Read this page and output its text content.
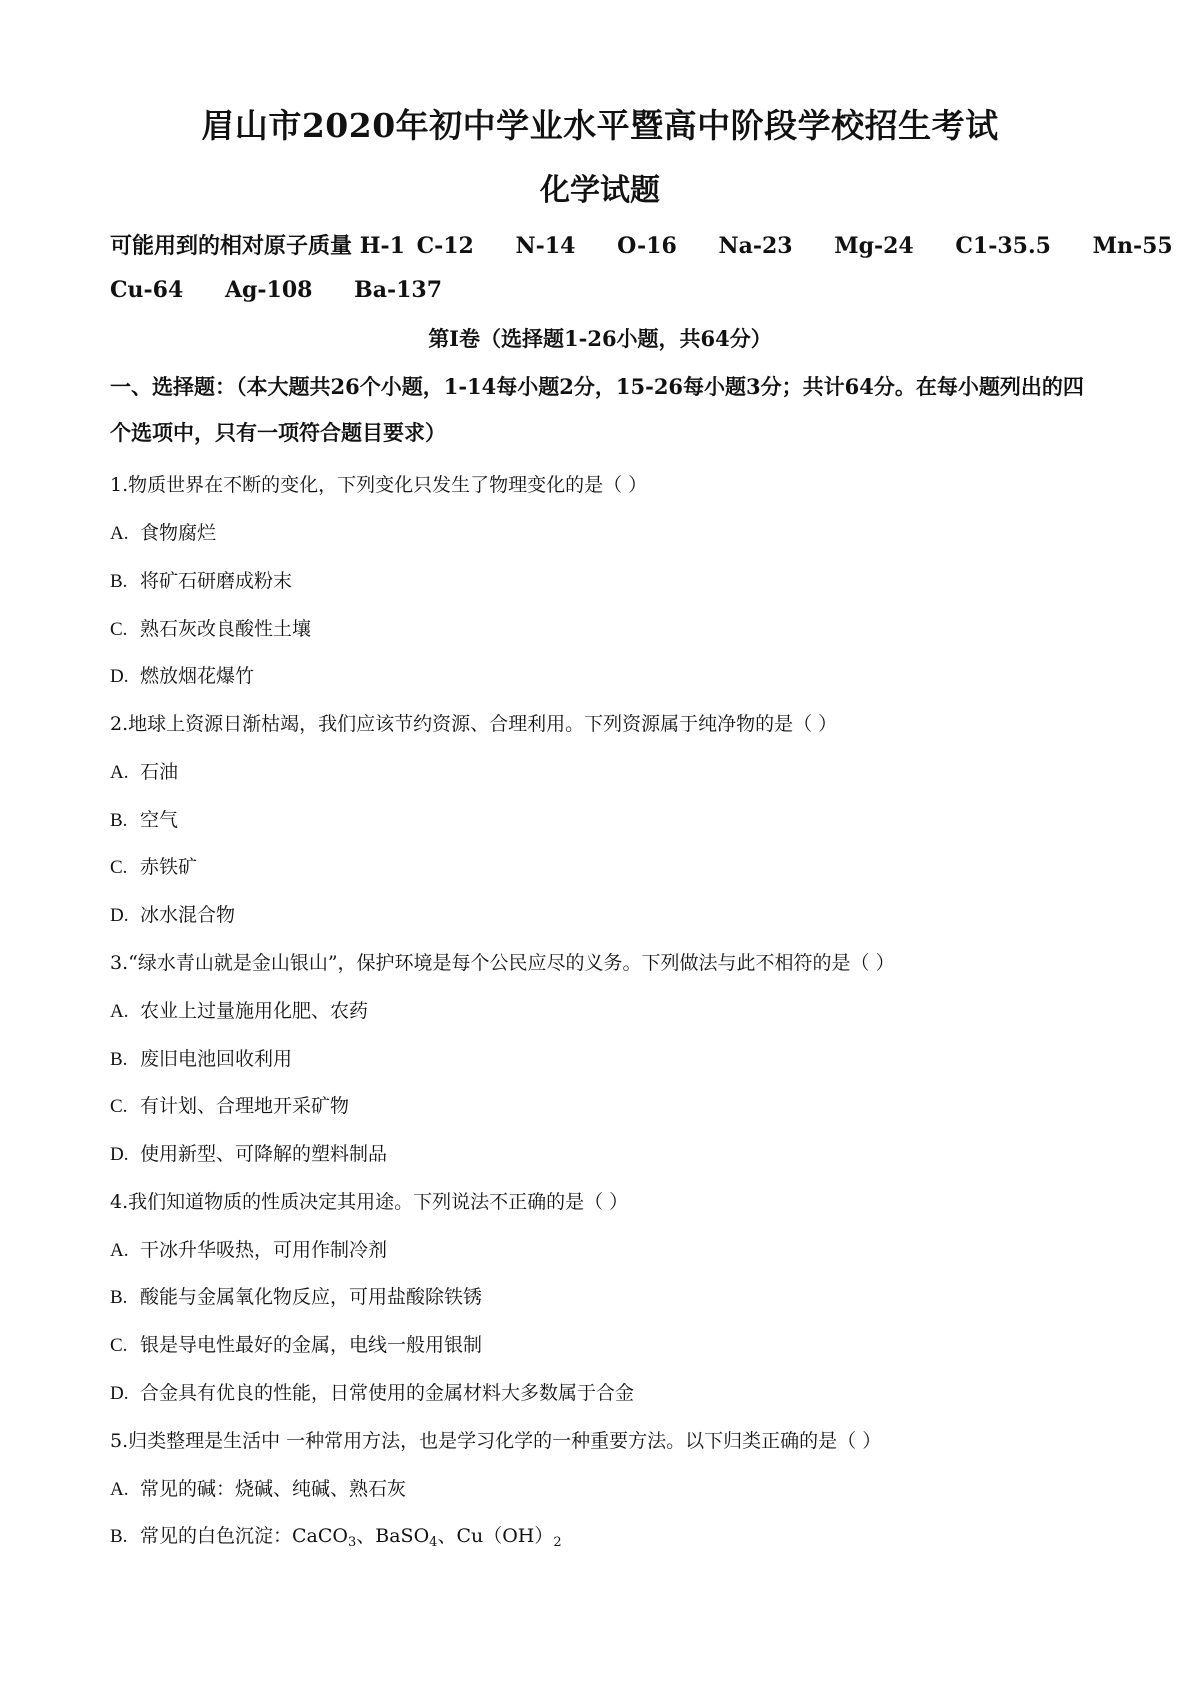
眉山市2020年初中学业水平暨高中阶段学校招生考试
化学试题
可能用到的相对原子质量 H-1 C-12 N-14 O-16 Na-23 Mg-24 C1-35.5 Mn-55
Cu-64 Ag-108 Ba-137
第I卷（选择题1-26小题，共64分）
一、选择题：（本大题共26个小题，1-14每小题2分，15-26每小题3分；共计64分。在每小题列出的四个选项中，只有一项符合题目要求）
1.物质世界在不断的变化，下列变化只发生了物理变化的是（ ）
A. 食物腐烂
B. 将矿石研磨成粉末
C. 熟石灰改良酸性土壤
D. 燃放烟花爆竹
2.地球上资源日渐枯竭，我们应该节约资源、合理利用。下列资源属于纯净物的是（ ）
A. 石油
B. 空气
C. 赤铁矿
D. 冰水混合物
3.“绿水青山就是金山银山”，保护环境是每个公民应尽的义务。下列做法与此不相符的是（ ）
A. 农业上过量施用化肥、农药
B. 废旧电池回收利用
C. 有计划、合理地开采矿物
D. 使用新型、可降解的塑料制品
4.我们知道物质的性质决定其用途。下列说法不正确的是（ ）
A. 干冰升华吸热，可用作制冷剂
B. 酸能与金属氧化物反应，可用盐酸除铁锈
C. 银是导电性最好的金属，电线一般用银制
D. 合金具有优良的性能，日常使用的金属材料大多数属于合金
5.归类整理是生活中 一种常用方法，也是学习化学的一种重要方法。以下归类正确的是（ ）
A. 常见的碱：烧碱、纯碱、熟石灰
B. 常见的白色沉淀：CaCO$_3$、BaSO$_4$、$Cu(OH)_2$
